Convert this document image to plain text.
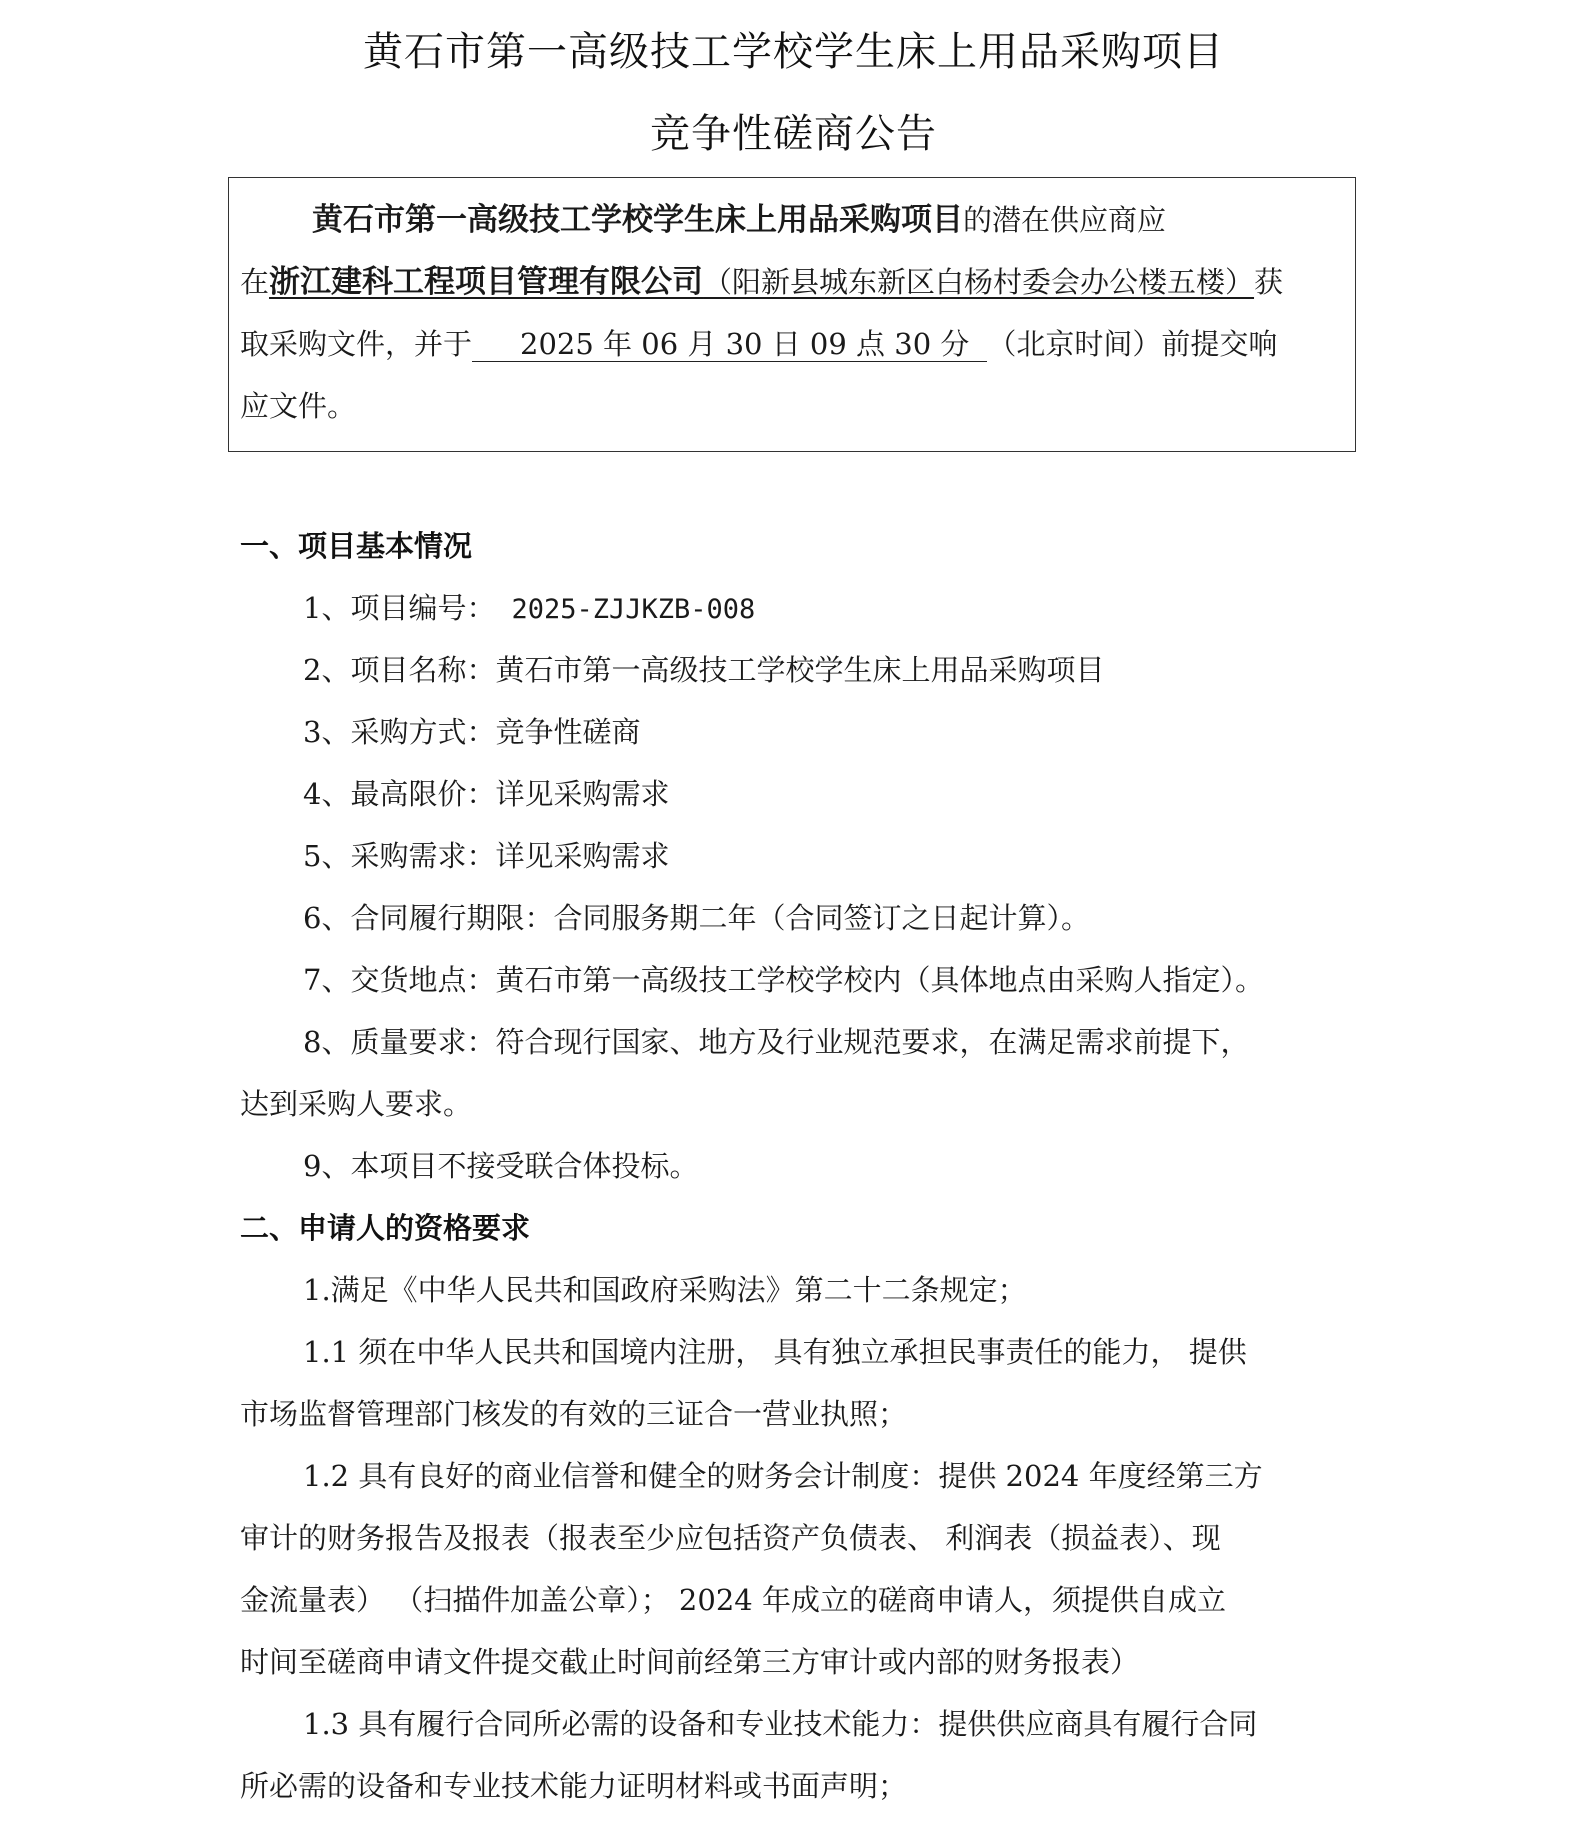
黄石市第一高级技工学校学生床上用品采购项目
竞争性磋商公告
黄石市第一高级技工学校学生床上用品采购项目的潜在供应商应
在浙江建科工程项目管理有限公司（阳新县城东新区白杨村委会办公楼五楼）获
取采购文件，并于 2025 年 06 月 30 日 09 点 30 分 （北京时间）前提交响
应文件。
一、项目基本情况
1、项目编号： 2025-ZJJKZB-008
2、项目名称：黄石市第一高级技工学校学生床上用品采购项目
3、采购方式：竞争性磋商
4、最高限价：详见采购需求
5、采购需求：详见采购需求
6、合同履行期限：合同服务期二年（合同签订之日起计算）。
7、交货地点：黄石市第一高级技工学校学校内（具体地点由采购人指定）。
8、质量要求：符合现行国家、地方及行业规范要求，在满足需求前提下，
达到采购人要求。
9、本项目不接受联合体投标。
二、申请人的资格要求
1.满足《中华人民共和国政府采购法》第二十二条规定；
1.1 须在中华人民共和国境内注册， 具有独立承担民事责任的能力， 提供
市场监督管理部门核发的有效的三证合一营业执照；
1.2 具有良好的商业信誉和健全的财务会计制度：提供 2024 年度经第三方
审计的财务报告及报表（报表至少应包括资产负债表、 利润表（损益表）、现
金流量表） （扫描件加盖公章）； 2024 年成立的磋商申请人，须提供自成立
时间至磋商申请文件提交截止时间前经第三方审计或内部的财务报表）
1.3 具有履行合同所必需的设备和专业技术能力：提供供应商具有履行合同
所必需的设备和专业技术能力证明材料或书面声明；
